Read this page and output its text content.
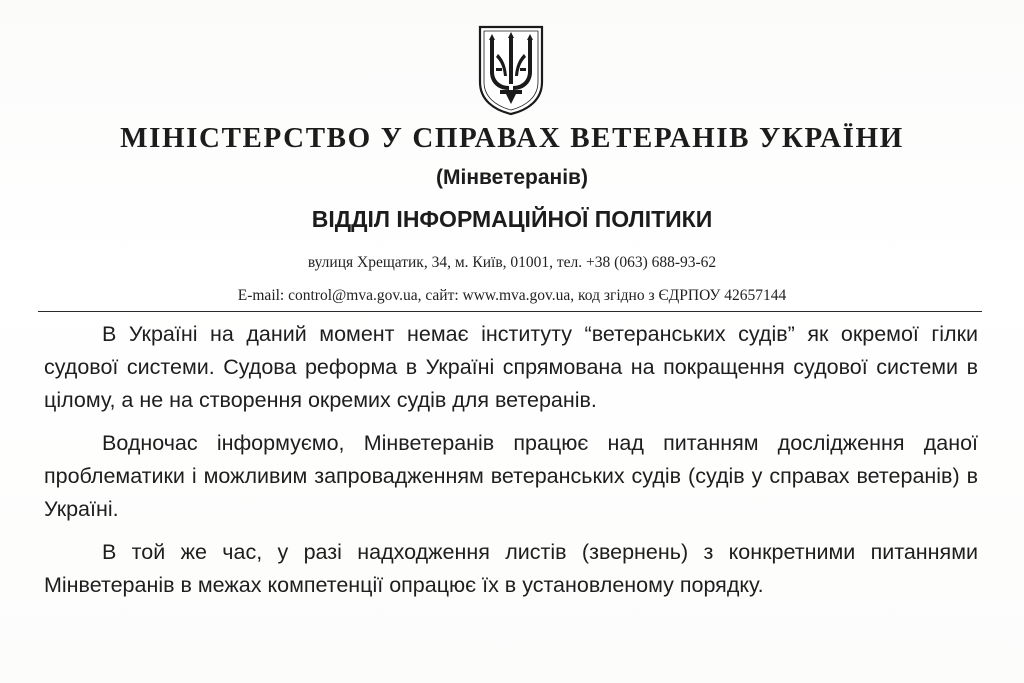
МІНІСТЕРСТВО У СПРАВАХ ВЕТЕРАНІВ УКРАЇНИ
(Мінветеранів)
ВІДДІЛ ІНФОРМАЦІЙНОЇ ПОЛІТИКИ
вулиця Хрещатик, 34, м. Київ, 01001, тел. +38 (063) 688-93-62
E-mail: control@mva.gov.ua, сайт: www.mva.gov.ua, код згідно з ЄДРПОУ 42657144

В Україні на даний момент немає інституту “ветеранських судів” як окремої гілки судової системи. Судова реформа в Україні спрямована на покращення судової системи в цілому, а не на створення окремих судів для ветеранів.

Водночас інформуємо, Мінветеранів працює над питанням дослідження даної проблематики і можливим запровадженням ветеранських судів (судів у справах ветеранів) в Україні.

В той же час, у разі надходження листів (звернень) з конкретними питаннями Мінветеранів в межах компетенції опрацює їх в установленому порядку.
